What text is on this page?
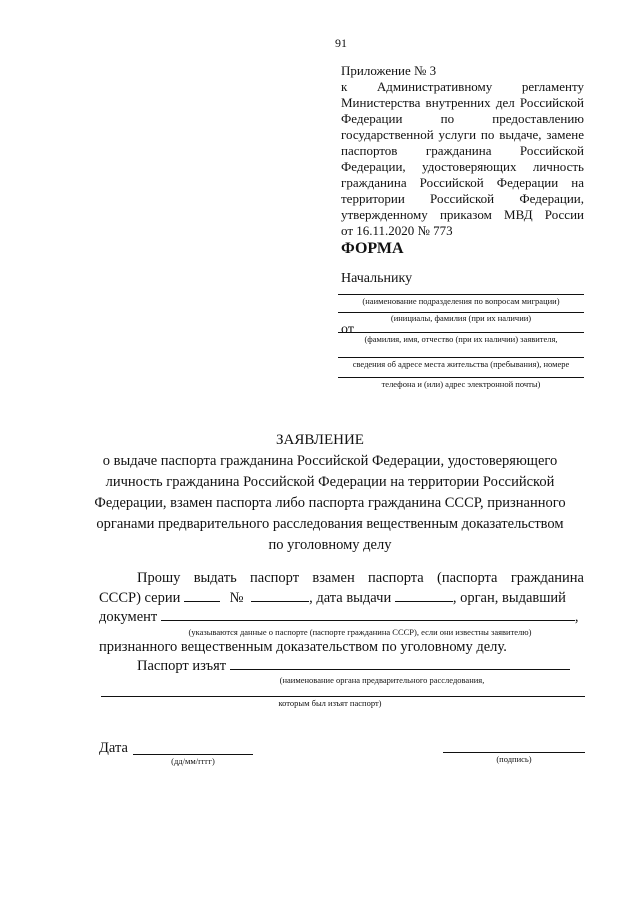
91
Приложение № 3
к Административному регламенту
Министерства внутренних дел Российской
Федерации по предоставлению
государственной услуги по выдаче, замене
паспортов гражданина Российской
Федерации, удостоверяющих личность
гражданина Российской Федерации на
территории Российской Федерации,
утвержденному приказом МВД России
от 16.11.2020 № 773
ФОРМА
Начальнику
(наименование подразделения по вопросам миграции)
(инициалы, фамилия (при их наличии)
от
(фамилия, имя, отчество (при их наличии) заявителя,
сведения об адресе места жительства (пребывания), номере
телефона и (или) адрес электронной почты)
ЗАЯВЛЕНИЕ
о выдаче паспорта гражданина Российской Федерации, удостоверяющего личность гражданина Российской Федерации на территории Российской Федерации, взамен паспорта либо паспорта гражданина СССР, признанного органами предварительного расследования вещественным доказательством по уголовному делу
Прошу выдать паспорт взамен паспорта (паспорта гражданина
СССР) серии	№	, дата выдачи	, орган, выдавший
документ	,
(указываются данные о паспорте (паспорте гражданина СССР), если они известны заявителю)
признанного вещественным доказательством по уголовному делу.
Паспорт изъят
(наименование органа предварительного расследования,
которым был изъят паспорт)
Дата
(дд/мм/гггг)	(подпись)
